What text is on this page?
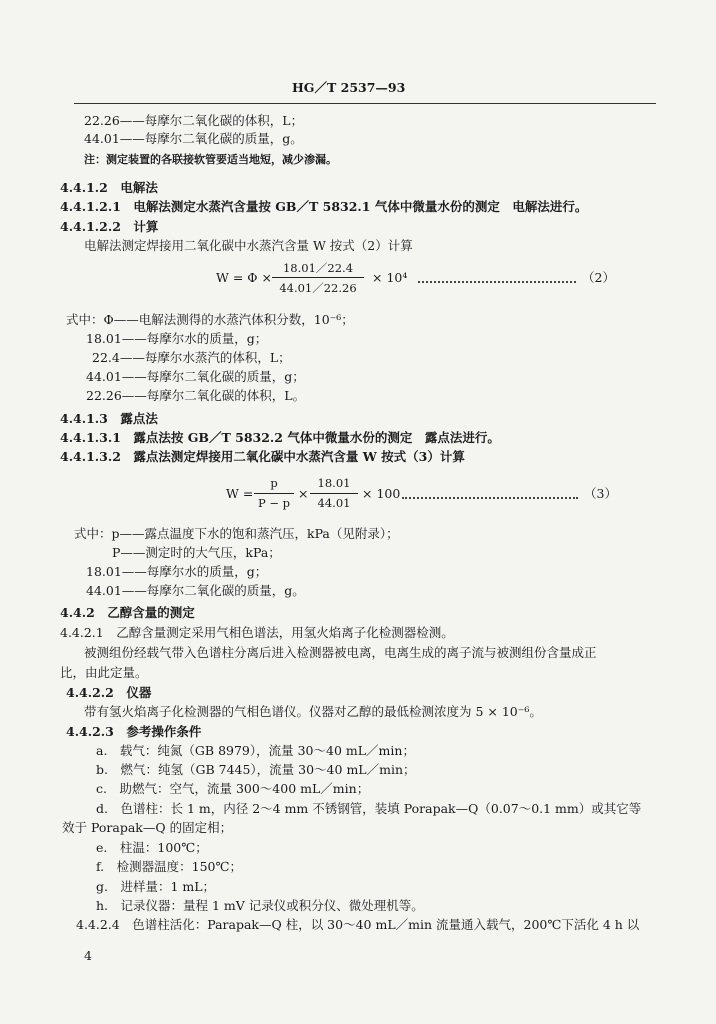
HG／T 2537—93
22.26——每摩尔二氧化碳的体积，L；
44.01——每摩尔二氧化碳的质量，g。
注：测定装置的各联接软管要适当地短，减少渗漏。
4.4.1.2　电解法
4.4.1.2.1　电解法测定水蒸汽含量按 GB／T 5832.1 气体中微量水份的测定　电解法进行。
4.4.1.2.2　计算
电解法测定焊接用二氧化碳中水蒸汽含量 W 按式（2）计算
W = Φ ×
18.01／22.4
44.01／22.26
× 10⁴	（2）
式中：Φ——电解法测得的水蒸汽体积分数，10⁻⁶；
18.01——每摩尔水的质量，g；
22.4——每摩尔水蒸汽的体积，L；
44.01——每摩尔二氧化碳的质量，g；
22.26——每摩尔二氧化碳的体积，L。
4.4.1.3　露点法
4.4.1.3.1　露点法按 GB／T 5832.2 气体中微量水份的测定　露点法进行。
4.4.1.3.2　露点法测定焊接用二氧化碳中水蒸汽含量 W 按式（3）计算
W =
p
P − p
×
18.01
44.01
× 100	（3）
式中：p——露点温度下水的饱和蒸汽压，kPa（见附录）；
P——测定时的大气压，kPa；
18.01——每摩尔水的质量，g；
44.01——每摩尔二氧化碳的质量，g。
4.4.2　乙醇含量的测定
4.4.2.1　乙醇含量测定采用气相色谱法，用氢火焰离子化检测器检测。
被测组份经载气带入色谱柱分离后进入检测器被电离，电离生成的离子流与被测组份含量成正
比，由此定量。
4.4.2.2　仪器
带有氢火焰离子化检测器的气相色谱仪。仪器对乙醇的最低检测浓度为 5 × 10⁻⁶。
4.4.2.3　参考操作条件
a.　载气：纯氮（GB 8979），流量 30～40 mL／min；
b.　燃气：纯氢（GB 7445），流量 30～40 mL／min；
c.　助燃气：空气，流量 300～400 mL／min；
d.　色谱柱：长 1 m，内径 2～4 mm 不锈钢管，装填 Porapak—Q（0.07～0.1 mm）或其它等
效于 Porapak—Q 的固定相；
e.　柱温：100℃；
f.　检测器温度：150℃；
g.　进样量：1 mL；
h.　记录仪器：量程 1 mV 记录仪或积分仪、微处理机等。
4.4.2.4　色谱柱活化：Parapak—Q 柱，以 30～40 mL／min 流量通入载气，200℃下活化 4 h 以
4
